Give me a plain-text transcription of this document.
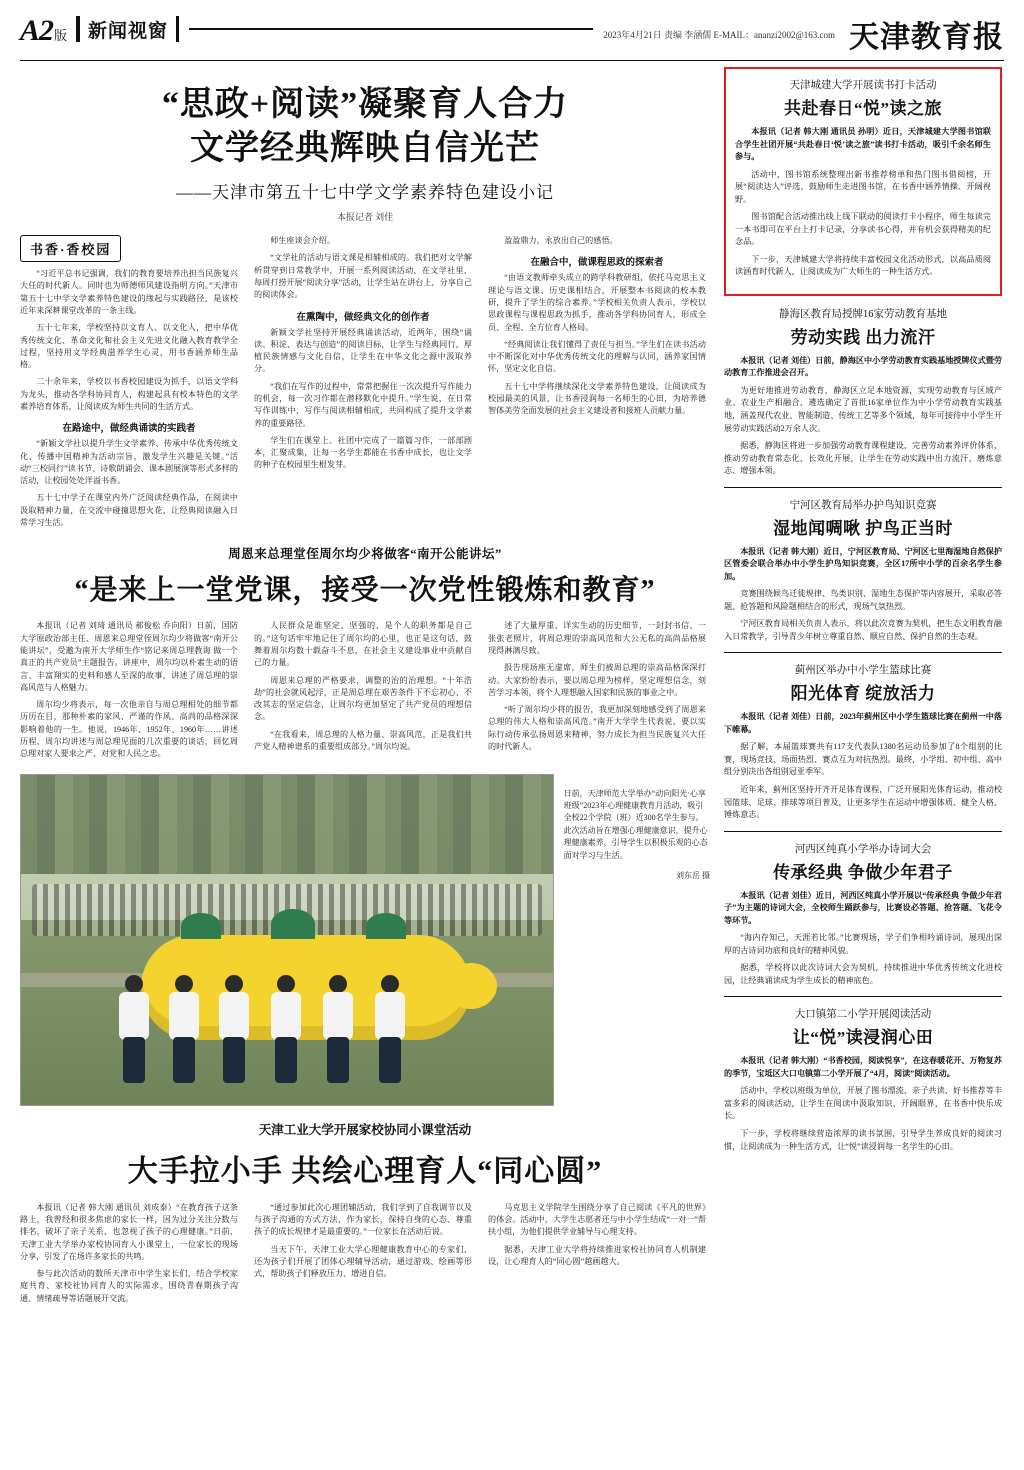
A2版 新闻视窗	2023年4月21日 责编 李涵儒 E-MAIL：ananzi2002@163.com 天津教育报
“思政+阅读”凝聚育人合力
文学经典辉映自信光芒
——天津市第五十七中学文学素养特色建设小记
本报记者 刘佳
书香·香校园

“习近平总书记强调，我们的教育要培养出担当民族复兴大任的时代新人。同时也为师德师风建设指明方向。”天津市第五十七中学文学素养特色建设的缘起与实践路径，是该校近年来深耕课堂改革的一条主线。

五十七年来，学校坚持以文育人、以文化人，把中华优秀传统文化、革命文化和社会主义先进文化融入教育教学全过程，坚持用文学经典滋养学生心灵，用书香涵养师生品格。

二十余年来，学校以书香校园建设为抓手，以语文学科为龙头，推动各学科协同育人，构建起具有校本特色的文学素养培育体系，让阅读成为师生共同的生活方式。

在路途中，做经典诵读的实践者

“新颖文学社以提升学生文学素养、传承中华优秀传统文化、传播中国精神为活动宗旨，激发学生兴趣是关键。”活动“三校同行”读书节、诗歌朗诵会、课本剧展演等形式多样的活动，让校园处处洋溢书香。

五十七中学子在课堂内外广泛阅读经典作品，在阅读中汲取精神力量，在交流中碰撞思想火花，让经典阅读融入日常学习生活。

师生座谈会介绍。

“文学社的活动与语文课是相辅相成的。我们把对文学解析贯穿到日常教学中，开展一系列阅读活动，在文学社里，每周打捞开展“阅读分享”活动，让学生站在讲台上，分享自己的阅读体会。

在熏陶中，做经典文化的创作者

新颖文学社坚持开展经典诵读活动，近两年，围绕“诵读、积淀、表达与创造”的阅读目标，让学生与经典同行，厚植民族情感与文化自信，让学生在中华文化之源中汲取养分。

“我们在写作的过程中，常常把握住一次次提升写作能力的机会，每一次习作都在潜移默化中提升。”学生说，在日常写作训练中，写作与阅读相辅相成，共同构成了提升文学素养的重要路径。

学生们在课堂上、社团中完成了一篇篇习作，一部部剧本，汇聚成集，让每一名学生都能在书香中成长，也让文学的种子在校园里生根发芽。

盈盈鼎力，永放出自己的感悟。

在融合中，做课程思政的探索者

“由语文教师牵头成立的跨学科教研组，依托马克思主义理论与语文课、历史课相结合，开展整本书阅读的校本教研，提升了学生的综合素养。”学校相关负责人表示，学校以思政课程与课程思政为抓手，推动各学科协同育人，形成全员、全程、全方位育人格局。

“经典阅读让我们懂得了责任与担当。”学生们在读书活动中不断深化对中华优秀传统文化的理解与认同，涵养家国情怀，坚定文化自信。

五十七中学将继续深化文学素养特色建设，让阅读成为校园最美的风景，让书香浸润每一名师生的心田，为培养德智体美劳全面发展的社会主义建设者和接班人贡献力量。

周恩来总理堂侄周尔均少将做客“南开公能讲坛”
“是来上一堂党课，接受一次党性锻炼和教育”

本报讯（记者 刘琦 通讯员 郝俊松 乔向阳）日前，国防大学原政治部主任、周恩来总理堂侄周尔均少将做客“南开公能讲坛”，受邀为南开大学师生作“铭记来周总理教诲 做一个真正的共产党员”主题报告。讲座中，周尔均以朴素生动的语言、丰富翔实的史料和感人至深的故事，讲述了周总理的崇高风范与人格魅力。

周尔均少将表示，每一次他亲自与周总理相处的细节都历历在目，那种朴素的家风、严谨的作风、高尚的品格深深影响着他的一生。他说，1946年、1952年、1960年……讲述历程，周尔均讲述与周总理见面的几次重要的谈话，回忆周总理对家人要求之严、对党和人民之忠。

人民群众是谁坚定、坚强的，是个人的职务都是自己的。”这句话牢牢地记住了周尔均的心里，也正是这句话，鼓舞着周尔均数十载奋斗不息，在社会主义建设事业中贡献自己的力量。

周恩来总理的严格要求，调整的治的治理想。“十年浩劫”的社会就风起浮，正是周总理在艰苦条件下不忘初心、不改其志的坚定信念，让周尔均更加坚定了共产党员的理想信念。

“在我看来，周总理的人格力量、崇高风范，正是我们共产党人精神谱系的重要组成部分。”周尔均说。

述了大量厚重、详实生动的历史细节，一封封书信、一张张老照片，将周总理的崇高风范和大公无私的高尚品格展现得淋漓尽致。

报告现场座无虚席，师生们被周总理的崇高品格深深打动。大家纷纷表示，要以周总理为榜样，坚定理想信念，刻苦学习本领，将个人理想融入国家和民族的事业之中。

“听了周尔均少将的报告，我更加深刻地感受到了周恩来总理的伟大人格和崇高风范。”南开大学学生代表说，要以实际行动传承弘扬周恩来精神，努力成长为担当民族复兴大任的时代新人。

日前，天津师范大学举办“动向阳光·心享班级”2023年心理健康教育月活动，吸引全校22个学院（班）近300名学生参与。此次活动旨在增强心理健康意识，提升心理健康素养，引导学生以积极乐观的心态面对学习与生活。
刘东岳 摄
天津工业大学开展家校协同小课堂活动
大手拉小手 共绘心理育人“同心圆”

本报讯（记者 韩大刚 通讯员 刘成泰）“在教育孩子这条路上，我曾经和很多焦虑的家长一样，因为过分关注分数与排名，破坏了亲子关系，也忽视了孩子的心理健康。”日前，天津工业大学举办家校协同育人小课堂上，一位家长的现场分享，引发了在场许多家长的共鸣。

参与此次活动的数所天津市中学生家长们，结合学校家庭共育、家校社协同育人的实际需求，围绕青春期孩子沟通、情绪疏导等话题展开交流。

“通过参加此次心理团辅活动，我们学到了自我调节以及与孩子沟通的方式方法，作为家长，保持自身的心态、尊重孩子的成长规律才是最重要的。”一位家长在活动后说。

当天下午，天津工业大学心理健康教育中心的专家们，还为孩子们开展了团体心理辅导活动，通过游戏、绘画等形式，帮助孩子们释放压力、增进自信。

马克思主义学院学生围绕分享了自己阅读《平凡的世界》的体会。活动中，大学生志愿者还与中小学生结成“一对一”帮扶小组，为他们提供学业辅导与心理支持。

据悉，天津工业大学将持续推进家校社协同育人机制建设，让心理育人的“同心圆”越画越大。

天津城建大学开展读书打卡活动
共赴春日“悦”读之旅

本报讯（记者 韩大刚 通讯员 孙明）近日，天津城建大学图书馆联合学生社团开展“共赴春日‘悦’读之旅”读书打卡活动，吸引千余名师生参与。

活动中，图书馆系统整理出新书推荐榜单和热门图书借阅榜，开展“阅读达人”评选，鼓励师生走进图书馆，在书香中涵养情操、开阔视野。

图书馆配合活动推出线上线下联动的阅读打卡小程序，师生每读完一本书即可在平台上打卡记录，分享读书心得，并有机会获得精美的纪念品。

下一步，天津城建大学将持续丰富校园文化活动形式，以高品质阅读涵育时代新人，让阅读成为广大师生的一种生活方式。

静海区教育局授牌16家劳动教育基地
劳动实践 出力流汗

本报讯（记者 刘佳）日前，静海区中小学劳动教育实践基地授牌仪式暨劳动教育工作推进会召开。

为更好地推进劳动教育，静海区立足本地资源，实现劳动教育与区域产业、农业生产相融合，遴选确定了首批16家单位作为中小学劳动教育实践基地，涵盖现代农业、智能制造、传统工艺等多个领域，每年可接待中小学生开展劳动实践活动2万余人次。

据悉，静海区将进一步加强劳动教育课程建设，完善劳动素养评价体系，推动劳动教育常态化、长效化开展，让学生在劳动实践中出力流汗、磨炼意志、增强本领。

宁河区教育局举办护鸟知识竞赛
湿地闻啁啾 护鸟正当时

本报讯（记者 韩大刚）近日，宁河区教育局、宁河区七里海湿地自然保护区管委会联合举办中小学生护鸟知识竞赛，全区17所中小学的百余名学生参加。

竞赛围绕候鸟迁徙规律、鸟类识别、湿地生态保护等内容展开，采取必答题、抢答题和风险题相结合的形式，现场气氛热烈。

宁河区教育局相关负责人表示，将以此次竞赛为契机，把生态文明教育融入日常教学，引导青少年树立尊重自然、顺应自然、保护自然的生态观。

蓟州区举办中小学生篮球比赛
阳光体育 绽放活力

本报讯（记者 刘佳）日前，2023年蓟州区中小学生篮球比赛在蓟州一中落下帷幕。

据了解，本届篮球赛共有117支代表队1380名运动员参加了8个组别的比赛，现场竞技、场面热烈、赛点互为对抗热烈。最终，小学组、初中组、高中组分别决出各组别冠亚季军。

近年来，蓟州区坚持开齐开足体育课程，广泛开展阳光体育运动，推动校园篮球、足球、排球等项目普及，让更多学生在运动中增强体质、健全人格、锤炼意志。

河西区纯真小学举办诗词大会
传承经典 争做少年君子

本报讯（记者 刘佳）近日，河西区纯真小学开展以“传承经典 争做少年君子”为主题的诗词大会，全校师生踊跃参与，比赛设必答题、抢答题、飞花令等环节。

“海内存知己，天涯若比邻。”比赛现场，学子们争相吟诵诗词，展现出深厚的古诗词功底和良好的精神风貌。

据悉，学校将以此次诗词大会为契机，持续推进中华优秀传统文化进校园，让经典诵读成为学生成长的精神底色。

大口镇第二小学开展阅读活动
让“悦”读浸润心田

本报讯（记者 韩大刚）“书香校园，阅读悦享”，在这春暖花开、万物复苏的季节，宝坻区大口屯镇第二小学开展了“4月，阅读”阅读活动。

活动中，学校以班级为单位，开展了图书漂流、亲子共读、好书推荐等丰富多彩的阅读活动，让学生在阅读中汲取知识、开阔眼界，在书香中快乐成长。

下一步，学校将继续营造浓厚的读书氛围，引导学生养成良好的阅读习惯，让阅读成为一种生活方式，让“悦”读浸润每一名学生的心田。
